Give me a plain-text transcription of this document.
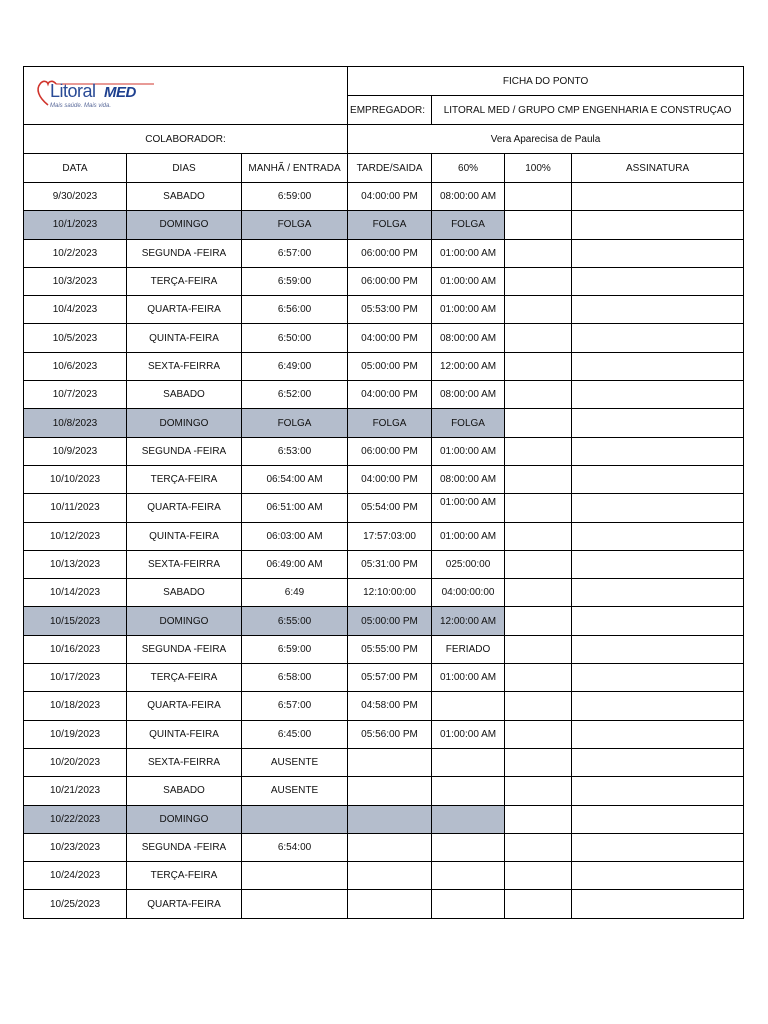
Litoral MED
Mais saúde. Mais vida.			FICHA DO PONTO			
			EMPREGADOR:	LITORAL MED / GRUPO CMP ENGENHARIA E CONSTRUÇAO		
COLABORADOR:			Vera Aparecisa de Paula			
DATA	DIAS	MANHÃ / ENTRADA	TARDE/SAIDA	60%	100%	ASSINATURA
9/30/2023	SABADO	6:59:00	04:00:00 PM	08:00:00 AM		
10/1/2023	DOMINGO	FOLGA	FOLGA	FOLGA		
10/2/2023	SEGUNDA -FEIRA	6:57:00	06:00:00 PM	01:00:00 AM		
10/3/2023	TERÇA-FEIRA	6:59:00	06:00:00 PM	01:00:00 AM		
10/4/2023	QUARTA-FEIRA	6:56:00	05:53:00 PM	01:00:00 AM		
10/5/2023	QUINTA-FEIRA	6:50:00	04:00:00 PM	08:00:00 AM		
10/6/2023	SEXTA-FEIRRA	6:49:00	05:00:00 PM	12:00:00 AM		
10/7/2023	SABADO	6:52:00	04:00:00 PM	08:00:00 AM		
10/8/2023	DOMINGO	FOLGA	FOLGA	FOLGA		
10/9/2023	SEGUNDA -FEIRA	6:53:00	06:00:00 PM	01:00:00 AM		
10/10/2023	TERÇA-FEIRA	06:54:00 AM	04:00:00 PM	08:00:00 AM		
10/11/2023	QUARTA-FEIRA	06:51:00 AM	05:54:00 PM	01:00:00 AM		
10/12/2023	QUINTA-FEIRA	06:03:00 AM	17:57:03:00	01:00:00 AM		
10/13/2023	SEXTA-FEIRRA	06:49:00 AM	05:31:00 PM	025:00:00		
10/14/2023	SABADO	6:49	12:10:00:00	04:00:00:00		
10/15/2023	DOMINGO	6:55:00	05:00:00 PM	12:00:00 AM		
10/16/2023	SEGUNDA -FEIRA	6:59:00	05:55:00 PM	FERIADO		
10/17/2023	TERÇA-FEIRA	6:58:00	05:57:00 PM	01:00:00 AM		
10/18/2023	QUARTA-FEIRA	6:57:00	04:58:00 PM			
10/19/2023	QUINTA-FEIRA	6:45:00	05:56:00 PM	01:00:00 AM		
10/20/2023	SEXTA-FEIRRA	AUSENTE				
10/21/2023	SABADO	AUSENTE				
10/22/2023	DOMINGO					
10/23/2023	SEGUNDA -FEIRA	6:54:00				
10/24/2023	TERÇA-FEIRA					
10/25/2023	QUARTA-FEIRA					
